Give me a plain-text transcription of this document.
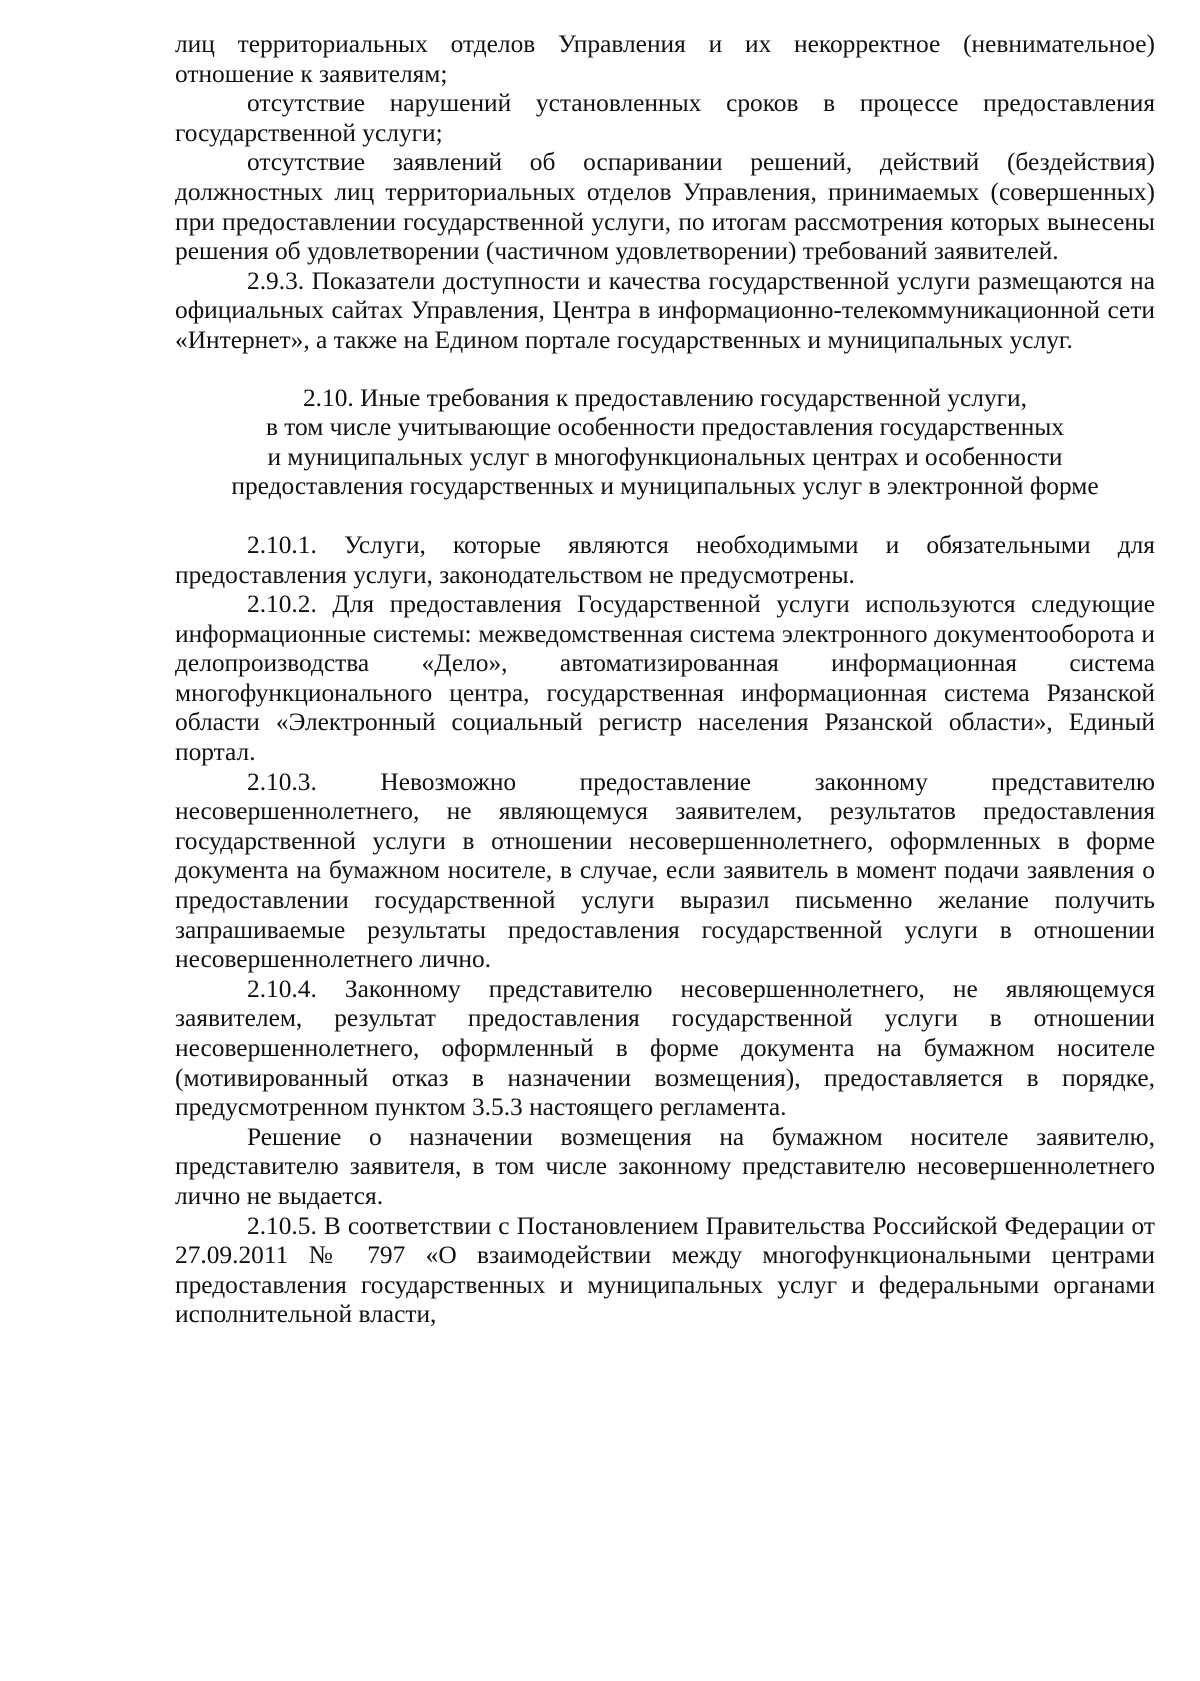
лиц территориальных отделов Управления и их некорректное (невнимательное) отношение к заявителям;

отсутствие нарушений установленных сроков в процессе предоставления государственной услуги;

отсутствие заявлений об оспаривании решений, действий (бездействия) должностных лиц территориальных отделов Управления, принимаемых (совершенных) при предоставлении государственной услуги, по итогам рассмотрения которых вынесены решения об удовлетворении (частичном удовлетворении) требований заявителей.

2.9.3. Показатели доступности и качества государственной услуги размещаются на официальных сайтах Управления, Центра в информационно-телекоммуникационной сети «Интернет», а также на Едином портале государственных и муниципальных услуг.

2.10. Иные требования к предоставлению государственной услуги,
в том числе учитывающие особенности предоставления государственных
и муниципальных услуг в многофункциональных центрах и особенности
предоставления государственных и муниципальных услуг в электронной форме

2.10.1. Услуги, которые являются необходимыми и обязательными для предоставления услуги, законодательством не предусмотрены.

2.10.2. Для предоставления Государственной услуги используются следующие информационные системы: межведомственная система электронного документооборота и делопроизводства «Дело», автоматизированная информационная система многофункционального центра, государственная информационная система Рязанской области «Электронный социальный регистр населения Рязанской области», Единый портал.

2.10.3. Невозможно предоставление законному представителю несовершеннолетнего, не являющемуся заявителем, результатов предоставления государственной услуги в отношении несовершеннолетнего, оформленных в форме документа на бумажном носителе, в случае, если заявитель в момент подачи заявления о предоставлении государственной услуги выразил письменно желание получить запрашиваемые результаты предоставления государственной услуги в отношении несовершеннолетнего лично.

2.10.4. Законному представителю несовершеннолетнего, не являющемуся заявителем, результат предоставления государственной услуги в отношении несовершеннолетнего, оформленный в форме документа на бумажном носителе (мотивированный отказ в назначении возмещения), предоставляется в порядке, предусмотренном пунктом 3.5.3 настоящего регламента.

Решение о назначении возмещения на бумажном носителе заявителю, представителю заявителя, в том числе законному представителю несовершеннолетнего лично не выдается.

2.10.5. В соответствии с Постановлением Правительства Российской Федерации от 27.09.2011 № 797 «О взаимодействии между многофункциональными центрами предоставления государственных и муниципальных услуг и федеральными органами исполнительной власти,
